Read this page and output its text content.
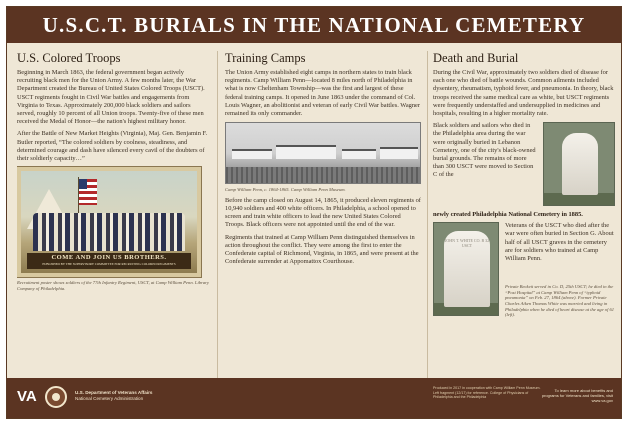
U.S.C.T. BURIALS IN THE NATIONAL CEMETERY
U.S. Colored Troops

Beginning in March 1863, the federal government began actively recruiting black men for the Union Army. A few months later, the War Department created the Bureau of United States Colored Troops (USCT). USCT regiments fought in Civil War battles and engagements from Virginia to Texas. Approximately 200,000 black soldiers and sailors served, roughly 10 percent of all Union troops. Twenty-five of these men received the Medal of Honor—the nation's highest military honor.

After the Battle of New Market Heights (Virginia), Maj. Gen. Benjamin F. Butler reported, “The colored soldiers by coolness, steadiness, and determined courage and dash have silenced every cavil of the doubters of their soldierly capacity…”

COME AND JOIN US BROTHERS.
PUBLISHED BY THE SUPERVISORY COMMITTEE FOR RECRUITING COLORED REGIMENTS

Recruitment poster shows soldiers of the 77th Infantry Regiment, USCT, at Camp William Penn. Library Company of Philadelphia.

Training Camps

The Union Army established eight camps in northern states to train black regiments. Camp William Penn—located 8 miles north of Philadelphia in what is now Cheltenham Township—was the first and largest of these federal training camps. It opened in June 1863 under the command of Col. Louis Wagner, an abolitionist and veteran of early Civil War battles. Wagner remained its only commander.

Camp William Penn, c. 1864-1865. Camp William Penn Museum.

Before the camp closed on August 14, 1865, it produced eleven regiments of 10,940 soldiers and 400 white officers. In Philadelphia, a school opened to screen and train white officers to lead the new United States Colored Troops. Black officers were not appointed until the end of the war.

Regiments that trained at Camp William Penn distinguished themselves in action throughout the conflict. They were among the first to enter the Confederate capital of Richmond, Virginia, in 1865, and were present at the Confederate surrender at Appomattox Courthouse.

Death and Burial

During the Civil War, approximately two soldiers died of disease for each one who died of battle wounds. Common ailments included dysentery, rheumatism, typhoid fever, and pneumonia. In theory, black troops received the same medical care as white, but USCT regiments were frequently understaffed and undersupplied in medicines and hospitals, resulting in a higher mortality rate.

Black soldiers and sailors who died in the Philadelphia area during the war were originally buried in Lebanon Cemetery, one of the city's black-owned burial grounds. The remains of more than 300 USCT were moved to Section C of the
newly created Philadelphia National Cemetery in 1885.
JOHN T. WHITE CO. B 32 USCT
Veterans of the USCT who died after the war were often buried in Section G. About half of all USCT graves in the cemetery are for soldiers who trained at Camp William Penn.

Private Beckett served in Co. D, 25th USCT; he died in the “Post Hospital” at Camp William Penn of “typhoid pneumonia” on Feb. 27, 1864 (above). Former Private Charles Aiken Thomas White was married and living in Philadelphia when he died of heart disease at the age of 61 (left).

VA	U.S. Department of Veterans Affairs
National Cemetery Administration
Produced in 2017 in cooperation with Camp William Penn Museum. Left fragment (12/17) for reference. College of Physicians of Philadelphia and the Philadelphia
To learn more about benefits and programs for Veterans and families, visit www.va.gov
